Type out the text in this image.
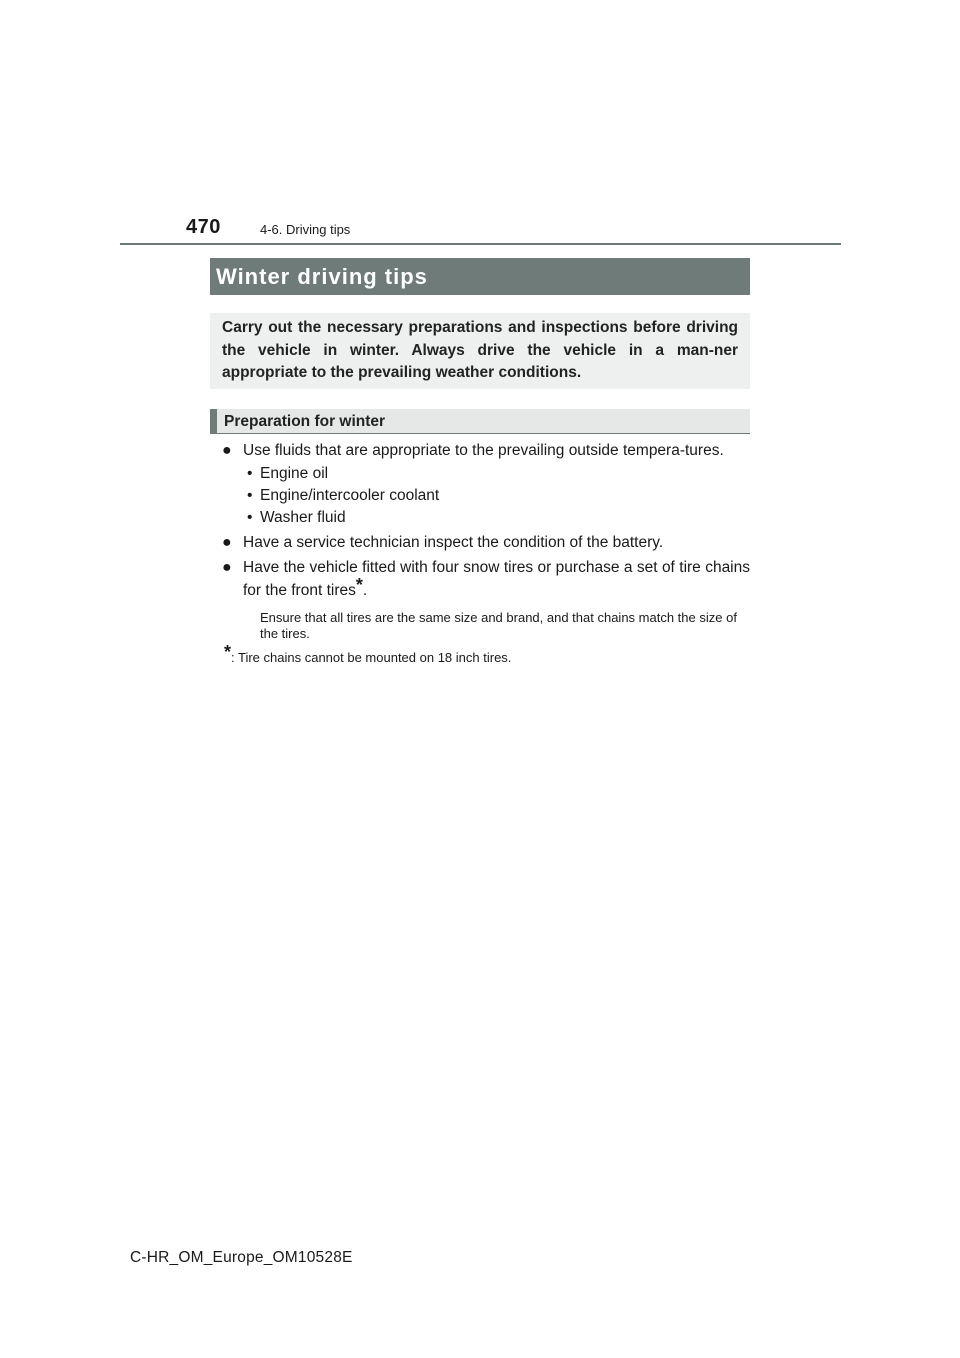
470	4-6. Driving tips
Winter driving tips
Carry out the necessary preparations and inspections before driving the vehicle in winter. Always drive the vehicle in a man-ner appropriate to the prevailing weather conditions.
Preparation for winter
● Use fluids that are appropriate to the prevailing outside tempera-tures.
• Engine oil
• Engine/intercooler coolant
• Washer fluid
● Have a service technician inspect the condition of the battery.
● Have the vehicle fitted with four snow tires or purchase a set of tire chains for the front tires*.
Ensure that all tires are the same size and brand, and that chains match the size of the tires.
*: Tire chains cannot be mounted on 18 inch tires.
C-HR_OM_Europe_OM10528E
